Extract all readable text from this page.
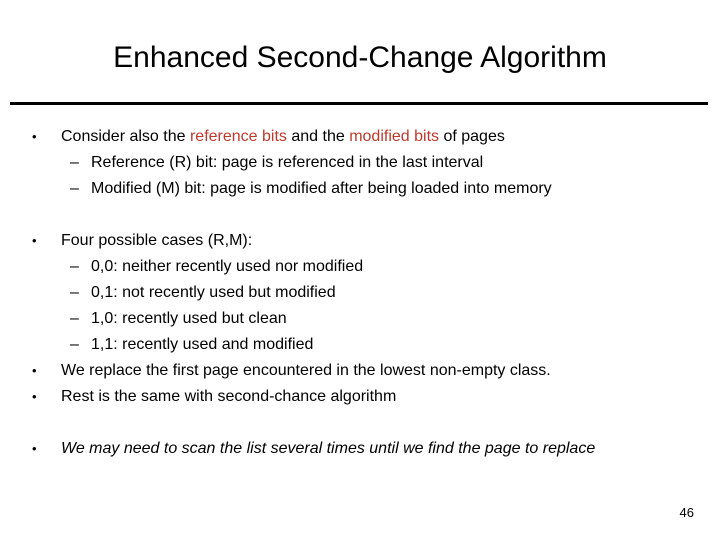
Enhanced Second-Change Algorithm
• Consider also the reference bits and the modified bits of pages
– Reference (R) bit: page is referenced in the last interval
– Modified (M) bit: page is modified after being loaded into memory
• Four possible cases (R,M):
– 0,0: neither recently used nor modified
– 0,1: not recently used but modified
– 1,0: recently used but clean
– 1,1: recently used and modified
• We replace the first page encountered in the lowest non-empty class.
• Rest is the same with second-chance algorithm
• We may need to scan the list several times until we find the page to replace
46
